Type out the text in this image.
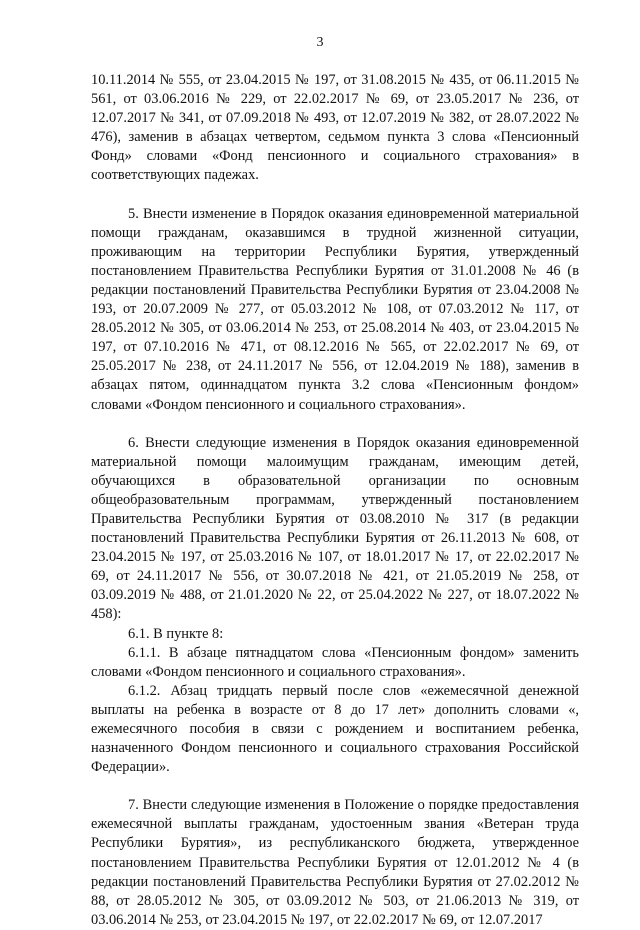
3

10.11.2014 № 555, от 23.04.2015 № 197, от 31.08.2015 № 435, от 06.11.2015 № 561, от 03.06.2016 № 229, от 22.02.2017 № 69, от 23.05.2017 № 236, от 12.07.2017 № 341, от 07.09.2018 № 493, от 12.07.2019 № 382, от 28.07.2022 № 476), заменив в абзацах четвертом, седьмом пункта 3 слова «Пенсионный Фонд» словами «Фонд пенсионного и социального страхования» в соответствующих падежах.

5. Внести изменение в Порядок оказания единовременной материальной помощи гражданам, оказавшимся в трудной жизненной ситуации, проживающим на территории Республики Бурятия, утвержденный постановлением Правительства Республики Бурятия от 31.01.2008 № 46 (в редакции постановлений Правительства Республики Бурятия от 23.04.2008 № 193, от 20.07.2009 № 277, от 05.03.2012 № 108, от 07.03.2012 № 117, от 28.05.2012 № 305, от 03.06.2014 № 253, от 25.08.2014 № 403, от 23.04.2015 № 197, от 07.10.2016 № 471, от 08.12.2016 № 565, от 22.02.2017 № 69, от 25.05.2017 № 238, от 24.11.2017 № 556, от 12.04.2019 № 188), заменив в абзацах пятом, одиннадцатом пункта 3.2 слова «Пенсионным фондом» словами «Фондом пенсионного и социального страхования».

6. Внести следующие изменения в Порядок оказания единовременной материальной помощи малоимущим гражданам, имеющим детей, обучающихся в образовательной организации по основным общеобразовательным программам, утвержденный постановлением Правительства Республики Бурятия от 03.08.2010 № 317 (в редакции постановлений Правительства Республики Бурятия от 26.11.2013 № 608, от 23.04.2015 № 197, от 25.03.2016 № 107, от 18.01.2017 № 17, от 22.02.2017 № 69, от 24.11.2017 № 556, от 30.07.2018 № 421, от 21.05.2019 № 258, от 03.09.2019 № 488, от 21.01.2020 № 22, от 25.04.2022 № 227, от 18.07.2022 № 458):

6.1. В пункте 8:

6.1.1. В абзаце пятнадцатом слова «Пенсионным фондом» заменить словами «Фондом пенсионного и социального страхования».

6.1.2. Абзац тридцать первый после слов «ежемесячной денежной выплаты на ребенка в возрасте от 8 до 17 лет» дополнить словами «, ежемесячного пособия в связи с рождением и воспитанием ребенка, назначенного Фондом пенсионного и социального страхования Российской Федерации».

7. Внести следующие изменения в Положение о порядке предоставления ежемесячной выплаты гражданам, удостоенным звания «Ветеран труда Республики Бурятия», из республиканского бюджета, утвержденное постановлением Правительства Республики Бурятия от 12.01.2012 № 4 (в редакции постановлений Правительства Республики Бурятия от 27.02.2012 № 88, от 28.05.2012 № 305, от 03.09.2012 № 503, от 21.06.2013 № 319, от 03.06.2014 № 253, от 23.04.2015 № 197, от 22.02.2017 № 69, от 12.07.2017
